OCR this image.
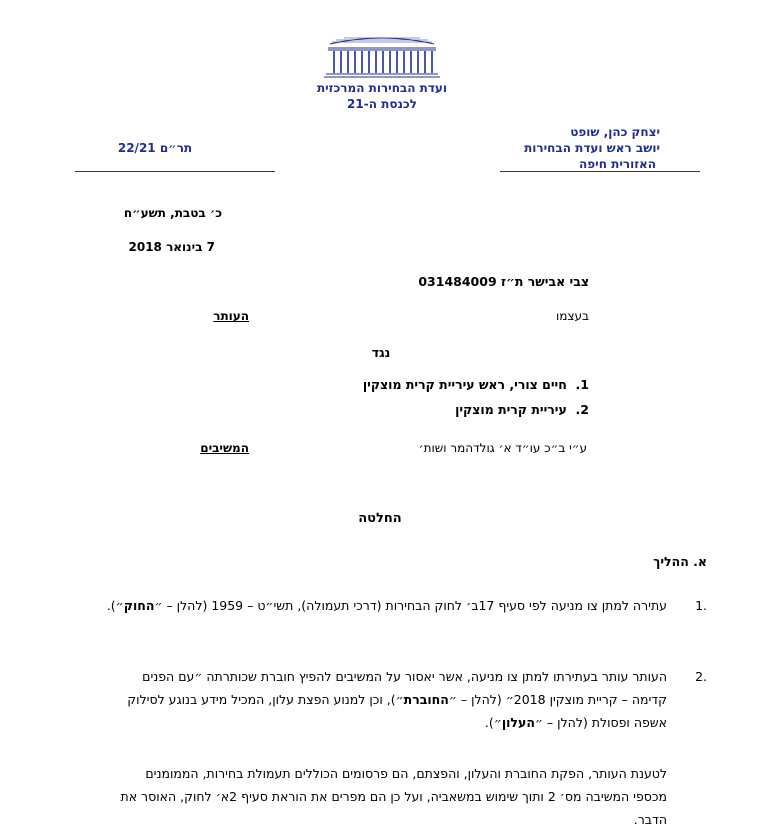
ועדת הבחירות המרכזית
לכנסת ה-21
יצחק כהן, שופט
יושב ראש ועדת הבחירות
האזורית חיפה
תר״ם 22/21
כ׳ בטבת, תשע״ח
7 בינואר 2018
צבי אבישר ת״ז 031484009
בעצמו
העותר
נגד
1.  חיים צורי, ראש עיריית קרית מוצקין
2.  עיריית קרית מוצקין
ע״י ב״כ עו״ד א׳ גולדהמר ושות׳
המשיבים
החלטה
א. ההליך
1.
עתירה למתן צו מניעה לפי סעיף 17ב׳ לחוק הבחירות (דרכי תעמולה), תשי״ט – 1959 (להלן – ״החוק״).
2.
העותר עותר בעתירתו למתן צו מניעה, אשר יאסור על המשיבים להפיץ חוברת שכותרתה ״עם הפנים
קדימה – קריית מוצקין 2018״ (להלן – ״החוברת״), וכן למנוע הפצת עלון, המכיל מידע בנוגע לסילוק
אשפה ופסולת (להלן – ״העלון״).
לטענת העותר, הפקת החוברת והעלון, והפצתם, הם פרסומים הכוללים תעמולת בחירות, הממומנים
מכספי המשיבה מס׳ 2 ותוך שימוש במשאביה, ועל כן הם מפרים את הוראת סעיף 2א׳ לחוק, האוסר את
הדבר.
